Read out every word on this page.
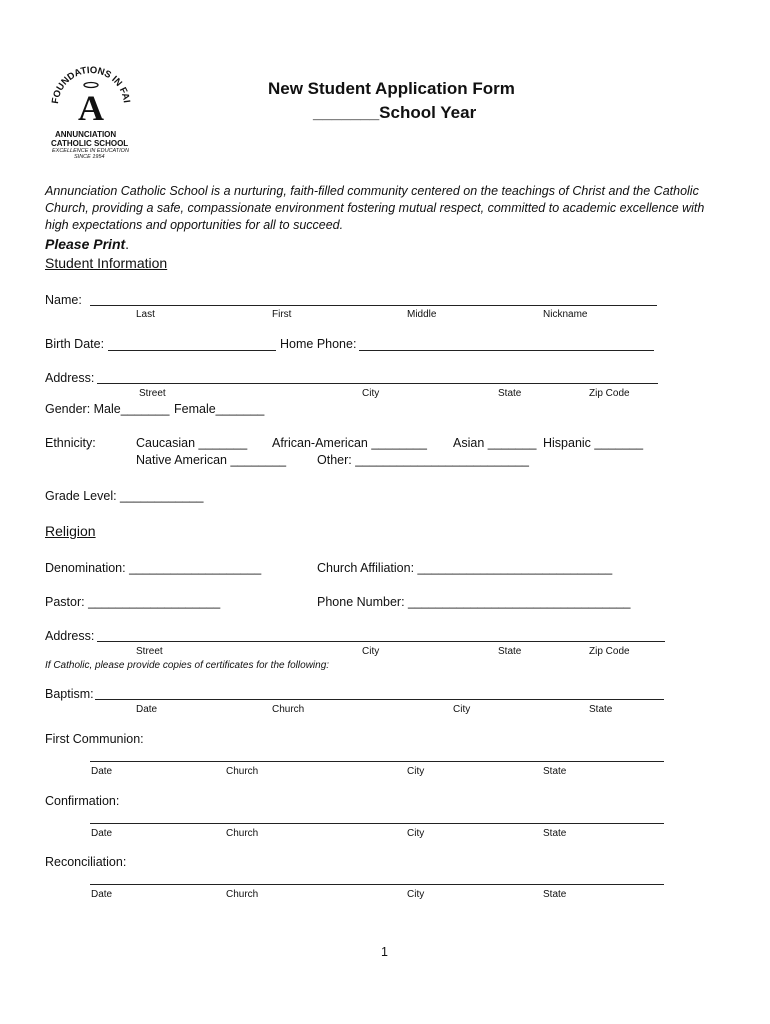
FOUNDATIONS IN FAI
A
ANNUNCIATION
CATHOLIC SCHOOL
EXCELLENCE IN EDUCATION
SINCE 1954
New Student Application Form
_______School Year
Annunciation Catholic School is a nurturing, faith-filled community centered on the teachings of Christ and the Catholic Church, providing a safe, compassionate environment fostering mutual respect, committed to academic excellence with high expectations and opportunities for all to succeed.
Please Print.
Student Information
Name:
Last	First	Middle	Nickname
Birth Date:	Home Phone:
Address:
Street	City	State	Zip Code
Gender: Male_______ Female_______
Ethnicity:	Caucasian _______ African-American ________ Asian _______ Hispanic _______
Native American ________ Other: _________________________
Grade Level: ____________
Religion
Denomination: ___________________	Church Affiliation: ____________________________
Pastor: ___________________	Phone Number: ________________________________
Address:
Street	City	State	Zip Code
If Catholic, please provide copies of certificates for the following:
Baptism:
Date	Church	City	State
First Communion:
Date	Church	City	State
Confirmation:
Date	Church	City	State
Reconciliation:
Date	Church	City	State
1
